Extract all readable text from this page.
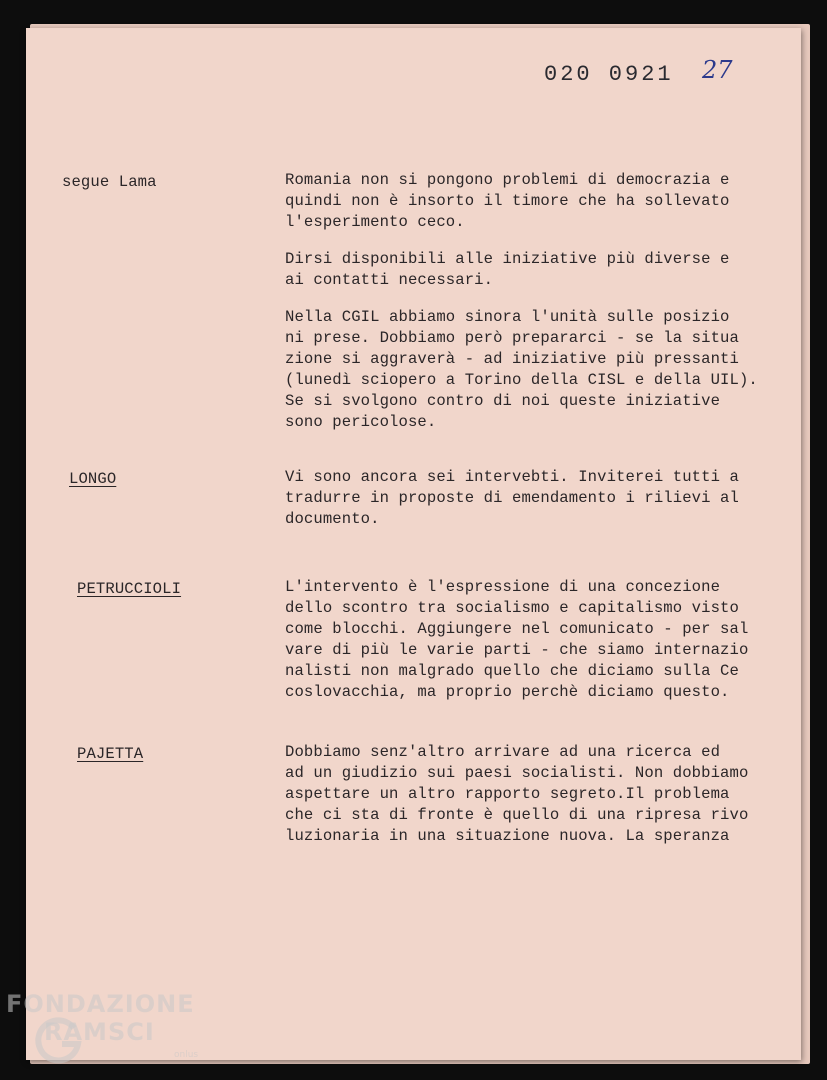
020 0921 27
segue Lama	Romania non si pongono problemi di democrazia e
quindi non è insorto il timore che ha sollevato
l'esperimento ceco.

Dirsi disponibili alle iniziative più diverse e
ai contatti necessari.

Nella CGIL abbiamo sinora l'unità sulle posizio
ni prese. Dobbiamo però prepararci - se la situa
zione si aggraverà - ad iniziative più pressanti
(lunedì sciopero a Torino della CISL e della UIL).
Se si svolgono contro di noi queste iniziative
sono pericolose.

LONGO	Vi sono ancora sei intervebti. Inviterei tutti a
tradurre in proposte di emendamento i rilievi al
documento.

PETRUCCIOLI	L'intervento è l'espressione di una concezione
dello scontro tra socialismo e capitalismo visto
come blocchi. Aggiungere nel comunicato - per sal
vare di più le varie parti - che siamo internazio
nalisti non malgrado quello che diciamo sulla Ce
coslovacchia, ma proprio perchè diciamo questo.

PAJETTA	Dobbiamo senz'altro arrivare ad una ricerca ed
ad un giudizio sui paesi socialisti. Non dobbiamo
aspettare un altro rapporto segreto.Il problema
che ci sta di fronte è quello di una ripresa rivo
luzionaria in una situazione nuova. La speranza

FONDAZIONE
RAMSCI
onlus
